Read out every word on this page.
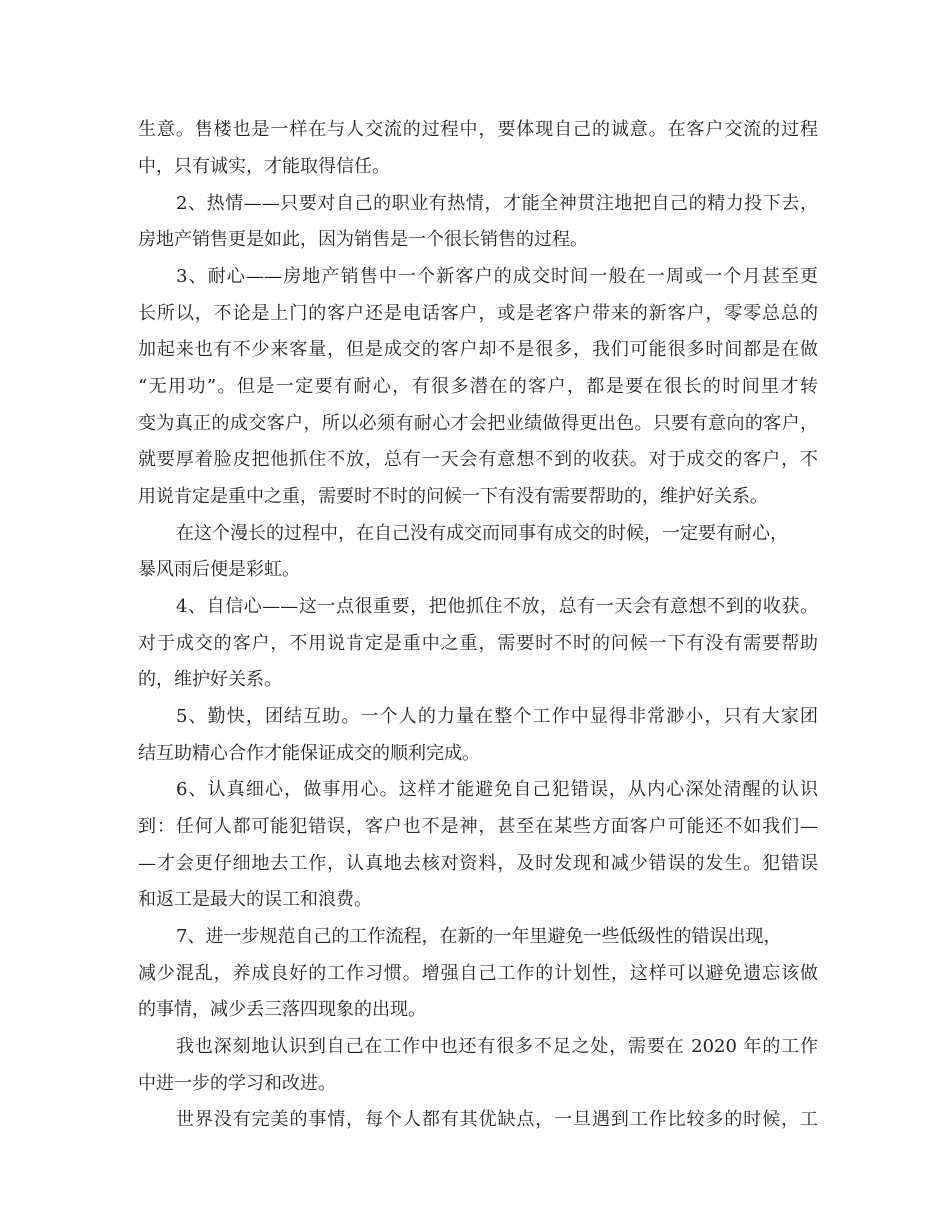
生意。售楼也是一样在与人交流的过程中，要体现自己的诚意。在客户交流的过程
中，只有诚实，才能取得信任。
2、热情——只要对自己的职业有热情，才能全神贯注地把自己的精力投下去，
房地产销售更是如此，因为销售是一个很长销售的过程。
3、耐心——房地产销售中一个新客户的成交时间一般在一周或一个月甚至更
长所以，不论是上门的客户还是电话客户，或是老客户带来的新客户，零零总总的
加起来也有不少来客量，但是成交的客户却不是很多，我们可能很多时间都是在做
“无用功”。但是一定要有耐心，有很多潜在的客户，都是要在很长的时间里才转
变为真正的成交客户，所以必须有耐心才会把业绩做得更出色。只要有意向的客户，
就要厚着脸皮把他抓住不放，总有一天会有意想不到的收获。对于成交的客户，不
用说肯定是重中之重，需要时不时的问候一下有没有需要帮助的，维护好关系。
在这个漫长的过程中，在自己没有成交而同事有成交的时候，一定要有耐心，
暴风雨后便是彩虹。
4、自信心——这一点很重要，把他抓住不放，总有一天会有意想不到的收获。
对于成交的客户，不用说肯定是重中之重，需要时不时的问候一下有没有需要帮助
的，维护好关系。
5、勤快，团结互助。一个人的力量在整个工作中显得非常渺小，只有大家团
结互助精心合作才能保证成交的顺利完成。
6、认真细心，做事用心。这样才能避免自己犯错误，从内心深处清醒的认识
到：任何人都可能犯错误，客户也不是神，甚至在某些方面客户可能还不如我们—
—才会更仔细地去工作，认真地去核对资料，及时发现和减少错误的发生。犯错误
和返工是最大的误工和浪费。
7、进一步规范自己的工作流程，在新的一年里避免一些低级性的错误出现，
减少混乱，养成良好的工作习惯。增强自己工作的计划性，这样可以避免遗忘该做
的事情，减少丢三落四现象的出现。
我也深刻地认识到自己在工作中也还有很多不足之处，需要在 2020 年的工作
中进一步的学习和改进。
世界没有完美的事情，每个人都有其优缺点，一旦遇到工作比较多的时候，工
